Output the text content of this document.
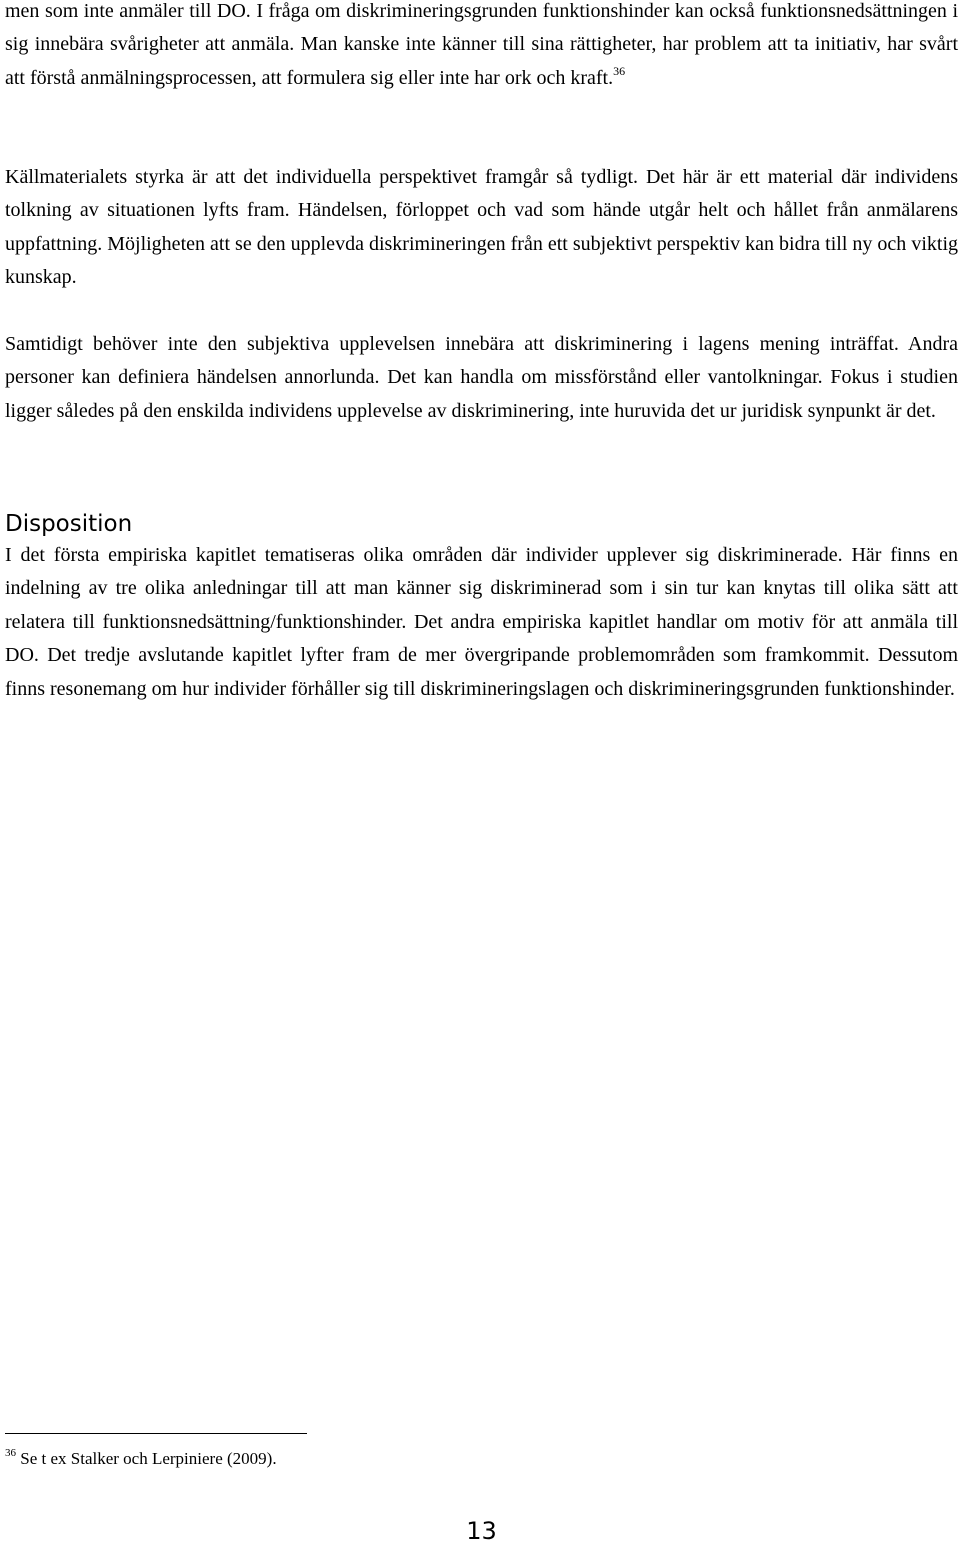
men som inte anmäler till DO. I fråga om diskrimineringsgrunden funktionshinder kan också funktionsnedsättningen i sig innebära svårigheter att anmäla. Man kanske inte känner till sina rättigheter, har problem att ta initiativ, har svårt att förstå anmälningsprocessen, att formulera sig eller inte har ork och kraft.$^{36}$

Källmaterialets styrka är att det individuella perspektivet framgår så tydligt. Det här är ett material där individens tolkning av situationen lyfts fram. Händelsen, förloppet och vad som hände utgår helt och hållet från anmälarens uppfattning. Möjligheten att se den upplevda diskrimineringen från ett subjektivt perspektiv kan bidra till ny och viktig kunskap.

Samtidigt behöver inte den subjektiva upplevelsen innebära att diskriminering i lagens mening inträffat. Andra personer kan definiera händelsen annorlunda. Det kan handla om missförstånd eller vantolkningar. Fokus i studien ligger således på den enskilda individens upplevelse av diskriminering, inte huruvida det ur juridisk synpunkt är det.

Disposition

I det första empiriska kapitlet tematiseras olika områden där individer upplever sig diskriminerade. Här finns en indelning av tre olika anledningar till att man känner sig diskriminerad som i sin tur kan knytas till olika sätt att relatera till funktionsnedsättning/funktionshinder. Det andra empiriska kapitlet handlar om motiv för att anmäla till DO. Det tredje avslutande kapitlet lyfter fram de mer övergripande problemområden som framkommit. Dessutom finns resonemang om hur individer förhåller sig till diskrimineringslagen och diskrimineringsgrunden funktionshinder.

$^{36}$ Se t ex Stalker och Lerpiniere (2009).

13
